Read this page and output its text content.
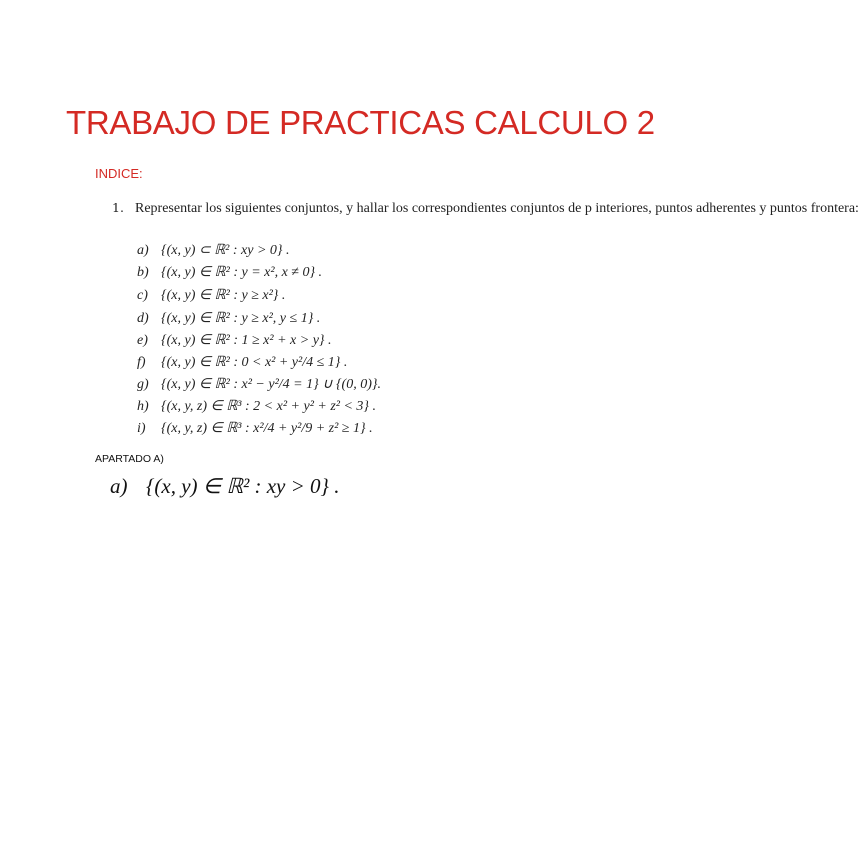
TRABAJO DE PRACTICAS CALCULO 2
INDICE:
1. Representar los siguientes conjuntos, y hallar los correspondientes conjuntos de p interiores, puntos adherentes y puntos frontera:
a) {(x, y) ⊂ ℝ² : xy > 0} .
b) {(x, y) ∈ ℝ² : y = x², x ≠ 0} .
c) {(x, y) ∈ ℝ² : y ≥ x²} .
d) {(x, y) ∈ ℝ² : y ≥ x², y ≤ 1} .
e) {(x, y) ∈ ℝ² : 1 ≥ x² + x > y} .
f) {(x, y) ∈ ℝ² : 0 < x² + y²/4 ≤ 1} .
g) {(x, y) ∈ ℝ² : x² − y²/4 = 1} ∪ {(0, 0)}.
h) {(x, y, z) ∈ ℝ³ : 2 < x² + y² + z² < 3} .
i) {(x, y, z) ∈ ℝ³ : x²/4 + y²/9 + z² ≥ 1} .
APARTADO A)
a) {(x, y) ∈ ℝ² : xy > 0} .
